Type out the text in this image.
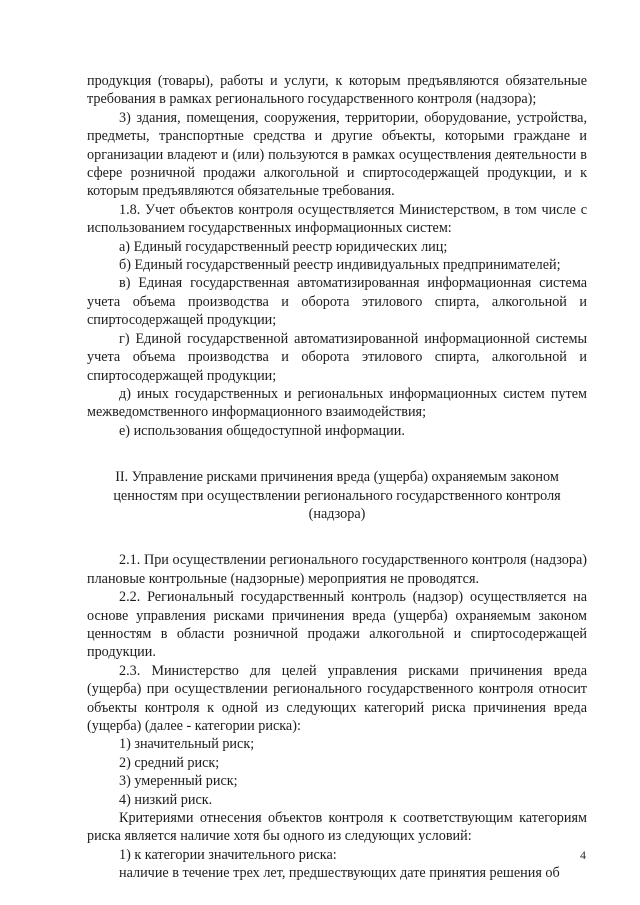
продукция (товары), работы и услуги, к которым предъявляются обязательные требования в рамках регионального государственного контроля (надзора);

3) здания, помещения, сооружения, территории, оборудование, устройства, предметы, транспортные средства и другие объекты, которыми граждане и организации владеют и (или) пользуются в рамках осуществления деятельности в сфере розничной продажи алкогольной и спиртосодержащей продукции, и к которым предъявляются обязательные требования.

1.8. Учет объектов контроля осуществляется Министерством, в том числе с использованием государственных информационных систем:

а) Единый государственный реестр юридических лиц;

б) Единый государственный реестр индивидуальных предпринимателей;

в) Единая государственная автоматизированная информационная система учета объема производства и оборота этилового спирта, алкогольной и спиртосодержащей продукции;

г) Единой государственной автоматизированной информационной системы учета объема производства и оборота этилового спирта, алкогольной и спиртосодержащей продукции;

д) иных государственных и региональных информационных систем путем межведомственного информационного взаимодействия;

е) использования общедоступной информации.

II. Управление рисками причинения вреда (ущерба) охраняемым законом ценностям при осуществлении регионального государственного контроля (надзора)

2.1. При осуществлении регионального государственного контроля (надзора) плановые контрольные (надзорные) мероприятия не проводятся.

2.2. Региональный государственный контроль (надзор) осуществляется на основе управления рисками причинения вреда (ущерба) охраняемым законом ценностям в области розничной продажи алкогольной и спиртосодержащей продукции.

2.3. Министерство для целей управления рисками причинения вреда (ущерба) при осуществлении регионального государственного контроля относит объекты контроля к одной из следующих категорий риска причинения вреда (ущерба) (далее - категории риска):

1) значительный риск;

2) средний риск;

3) умеренный риск;

4) низкий риск.

Критериями отнесения объектов контроля к соответствующим категориям риска является наличие хотя бы одного из следующих условий:

1) к категории значительного риска:

наличие в течение трех лет, предшествующих дате принятия решения об

4
